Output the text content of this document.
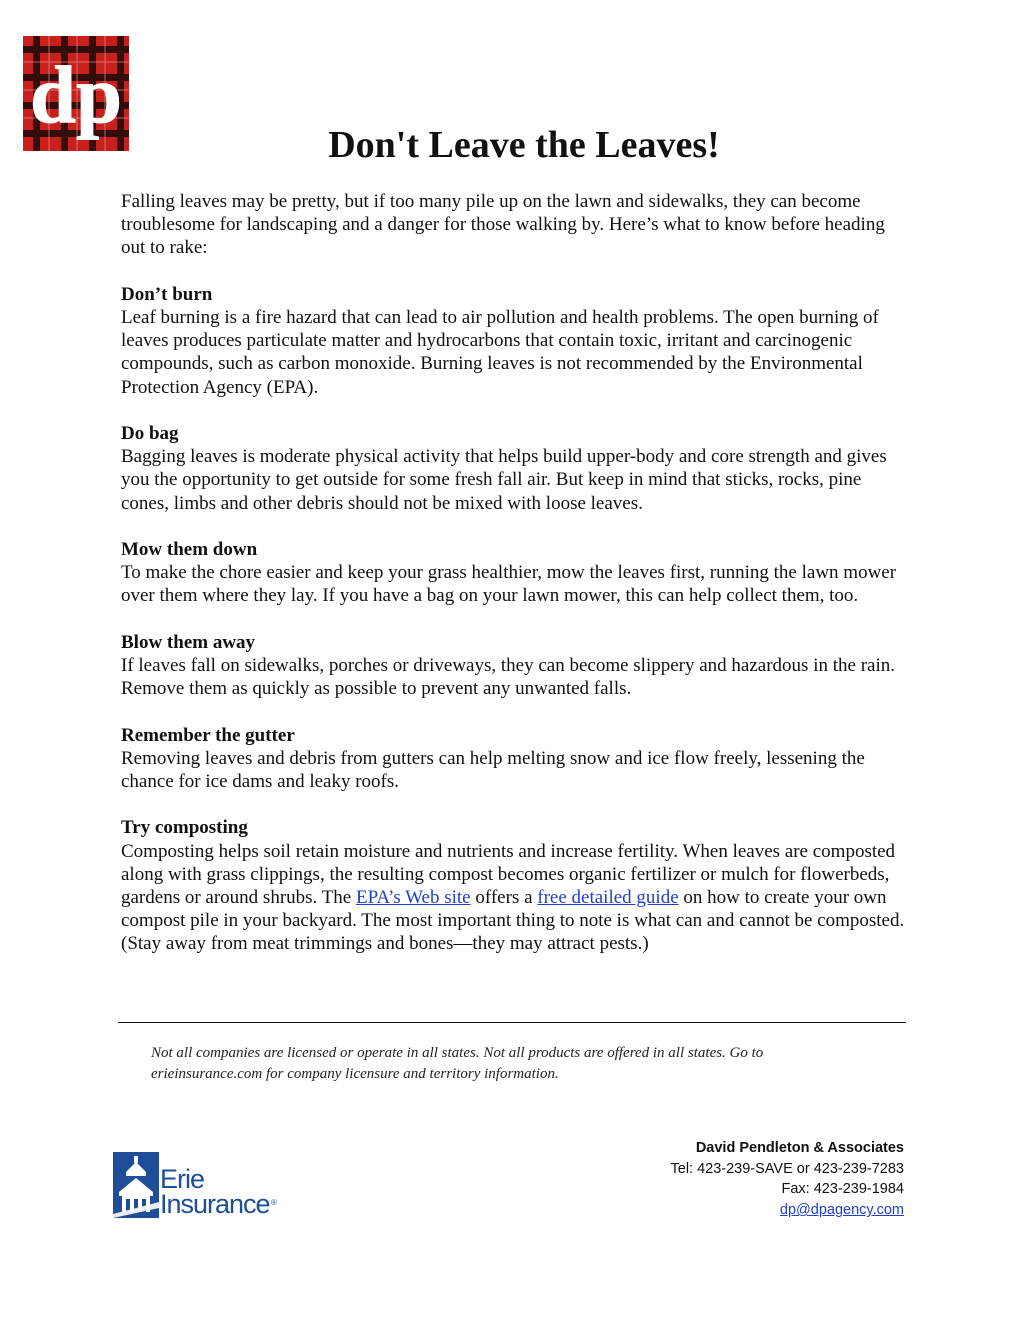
dp
Don't Leave the Leaves!

Falling leaves may be pretty, but if too many pile up on the lawn and sidewalks, they can become troublesome for landscaping and a danger for those walking by. Here’s what to know before heading out to rake:

Don’t burn
Leaf burning is a fire hazard that can lead to air pollution and health problems. The open burning of leaves produces particulate matter and hydrocarbons that contain toxic, irritant and carcinogenic compounds, such as carbon monoxide. Burning leaves is not recommended by the Environmental Protection Agency (EPA).
Do bag
Bagging leaves is moderate physical activity that helps build upper-body and core strength and gives you the opportunity to get outside for some fresh fall air. But keep in mind that sticks, rocks, pine cones, limbs and other debris should not be mixed with loose leaves.
Mow them down
To make the chore easier and keep your grass healthier, mow the leaves first, running the lawn mower over them where they lay. If you have a bag on your lawn mower, this can help collect them, too.
Blow them away
If leaves fall on sidewalks, porches or driveways, they can become slippery and hazardous in the rain. Remove them as quickly as possible to prevent any unwanted falls.
Remember the gutter
Removing leaves and debris from gutters can help melting snow and ice flow freely, lessening the chance for ice dams and leaky roofs.
Try composting
Composting helps soil retain moisture and nutrients and increase fertility. When leaves are composted along with grass clippings, the resulting compost becomes organic fertilizer or mulch for flowerbeds, gardens or around shrubs. The EPA’s Web site offers a free detailed guide on how to create your own compost pile in your backyard. The most important thing to note is what can and cannot be composted. (Stay away from meat trimmings and bones—they may attract pests.)
Not all companies are licensed or operate in all states. Not all products are offered in all states. Go to erieinsurance.com for company licensure and territory information.
Erie
Insurance ®
David Pendleton & Associates
Tel: 423-239-SAVE or 423-239-7283
Fax: 423-239-1984
dp@dpagency.com
